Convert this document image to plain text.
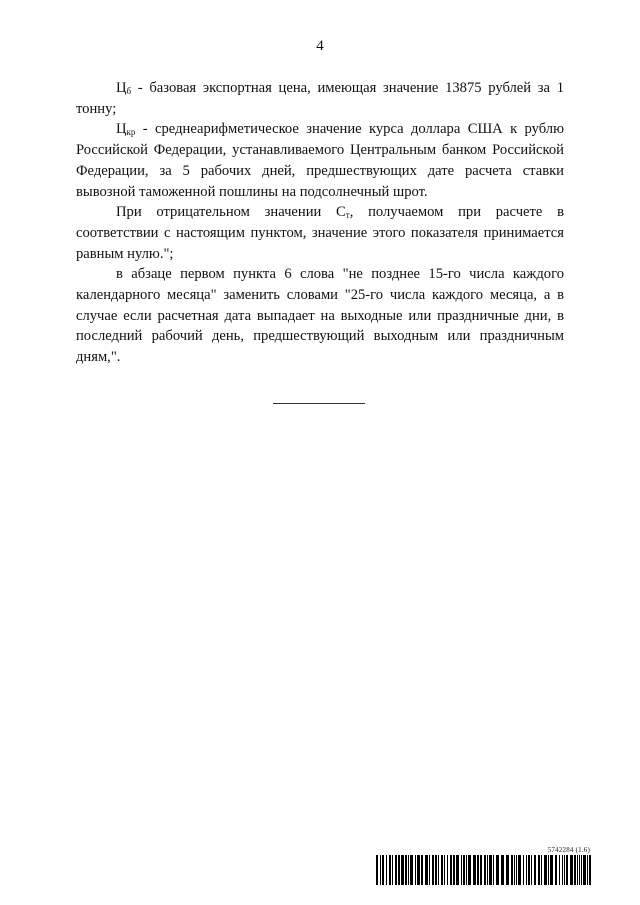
4

$Ц_б$ - базовая экспортная цена, имеющая значение 13875 рублей за 1 тонну;

$Ц_{кр}$ - среднеарифметическое значение курса доллара США к рублю Российской Федерации, устанавливаемого Центральным банком Российской Федерации, за 5 рабочих дней, предшествующих дате расчета ставки вывозной таможенной пошлины на подсолнечный шрот.

При отрицательном значении $С_т$, получаемом при расчете в соответствии с настоящим пунктом, значение этого показателя принимается равным нулю.";

в абзаце первом пункта 6 слова "не позднее 15-го числа каждого календарного месяца" заменить словами "25-го числа каждого месяца, а в случае если расчетная дата выпадает на выходные или праздничные дни, в последний рабочий день, предшествующий выходным или праздничным дням,".

5742284 (1.6)
